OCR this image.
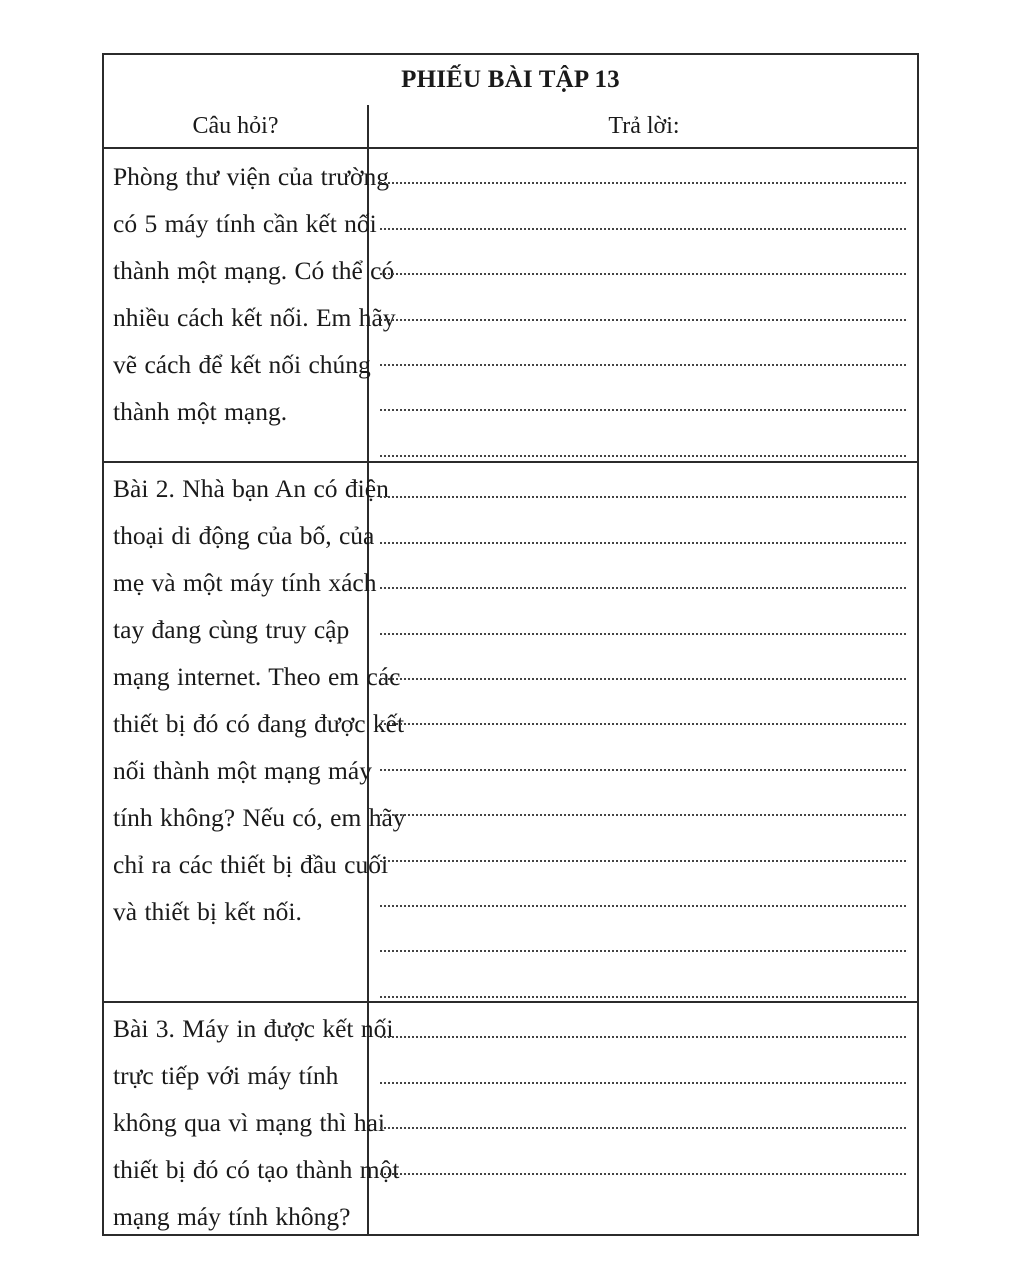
PHIẾU BÀI TẬP 13
Câu hỏi?	Trả lời:
Phòng thư viện của trường
có 5 máy tính cần kết nối
thành một mạng. Có thể có
nhiều cách kết nối. Em hãy
vẽ cách để kết nối chúng
thành một mạng.
Bài 2. Nhà bạn An có điện
thoại di động của bố, của
mẹ và một máy tính xách
tay đang cùng truy cập
mạng internet. Theo em các
thiết bị đó có đang được kết
nối thành một mạng máy
tính không? Nếu có, em hãy
chỉ ra các thiết bị đầu cuối
và thiết bị kết nối.
Bài 3. Máy in được kết nối
trực tiếp với máy tính
không qua vì mạng thì hai
thiết bị đó có tạo thành một
mạng máy tính không?
